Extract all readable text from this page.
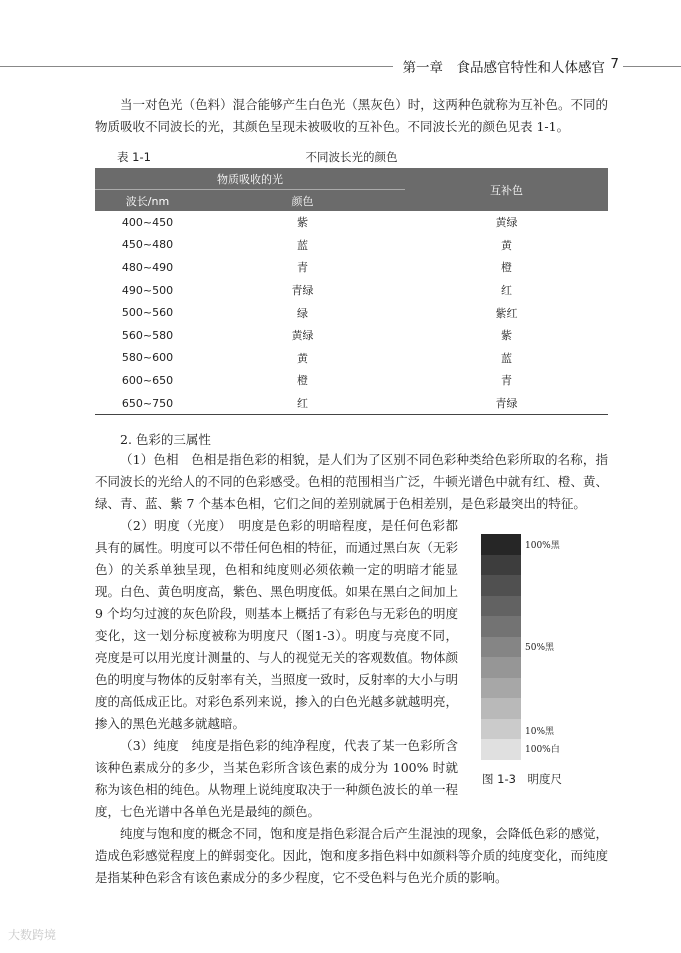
第一章　食品感官特性和人体感官 7

当一对色光（色料）混合能够产生白色光（黑灰色）时，这两种色就称为互补色。不同的物质吸收不同波长的光，其颜色呈现未被吸收的互补色。不同波长光的颜色见表 1-1。

表 1-1	不同波长光的颜色
物质吸收的光		互补色
波长/nm	颜色	
400~450	紫	黄绿
450~480	蓝	黄
480~490	青	橙
490~500	青绿	红
500~560	绿	紫红
560~580	黄绿	紫
580~600	黄	蓝
600~650	橙	青
650~750	红	青绿
2. 色彩的三属性

（1）色相　色相是指色彩的相貌，是人们为了区别不同色彩种类给色彩所取的名称，指不同波长的光给人的不同的色彩感受。色相的范围相当广泛，牛顿光谱色中就有红、橙、黄、绿、青、蓝、紫 7 个基本色相，它们之间的差别就属于色相差别，是色彩最突出的特征。

（2）明度（光度）　明度是色彩的明暗程度，是任何色彩都具有的属性。明度可以不带任何色相的特征，而通过黑白灰（无彩色）的关系单独呈现，色相和纯度则必须依赖一定的明暗才能显现。白色、黄色明度高，紫色、黑色明度低。如果在黑白之间加上 9 个均匀过渡的灰色阶段，则基本上概括了有彩色与无彩色的明度变化，这一划分标度被称为明度尺（图1-3）。明度与亮度不同，亮度是可以用光度计测量的、与人的视觉无关的客观数值。物体颜色的明度与物体的反射率有关，当照度一致时，反射率的大小与明度的高低成正比。对彩色系列来说，掺入的白色光越多就越明亮，掺入的黑色光越多就越暗。

（3）纯度　纯度是指色彩的纯净程度，代表了某一色彩所含该种色素成分的多少，当某色彩所含该色素的成分为 100% 时就称为该色相的纯色。从物理上说纯度取决于一种颜色波长的单一程度，七色光谱中各单色光是最纯的颜色。

纯度与饱和度的概念不同，饱和度是指色彩混合后产生混浊的现象，会降低色彩的感觉，造成色彩感觉程度上的鲜弱变化。因此，饱和度多指色料中如颜料等介质的纯度变化，而纯度是指某种色彩含有该色素成分的多少程度，它不受色料与色光介质的影响。

100%黑
50%黑
10%黑
100%白
图 1-3　明度尺
大数跨境
